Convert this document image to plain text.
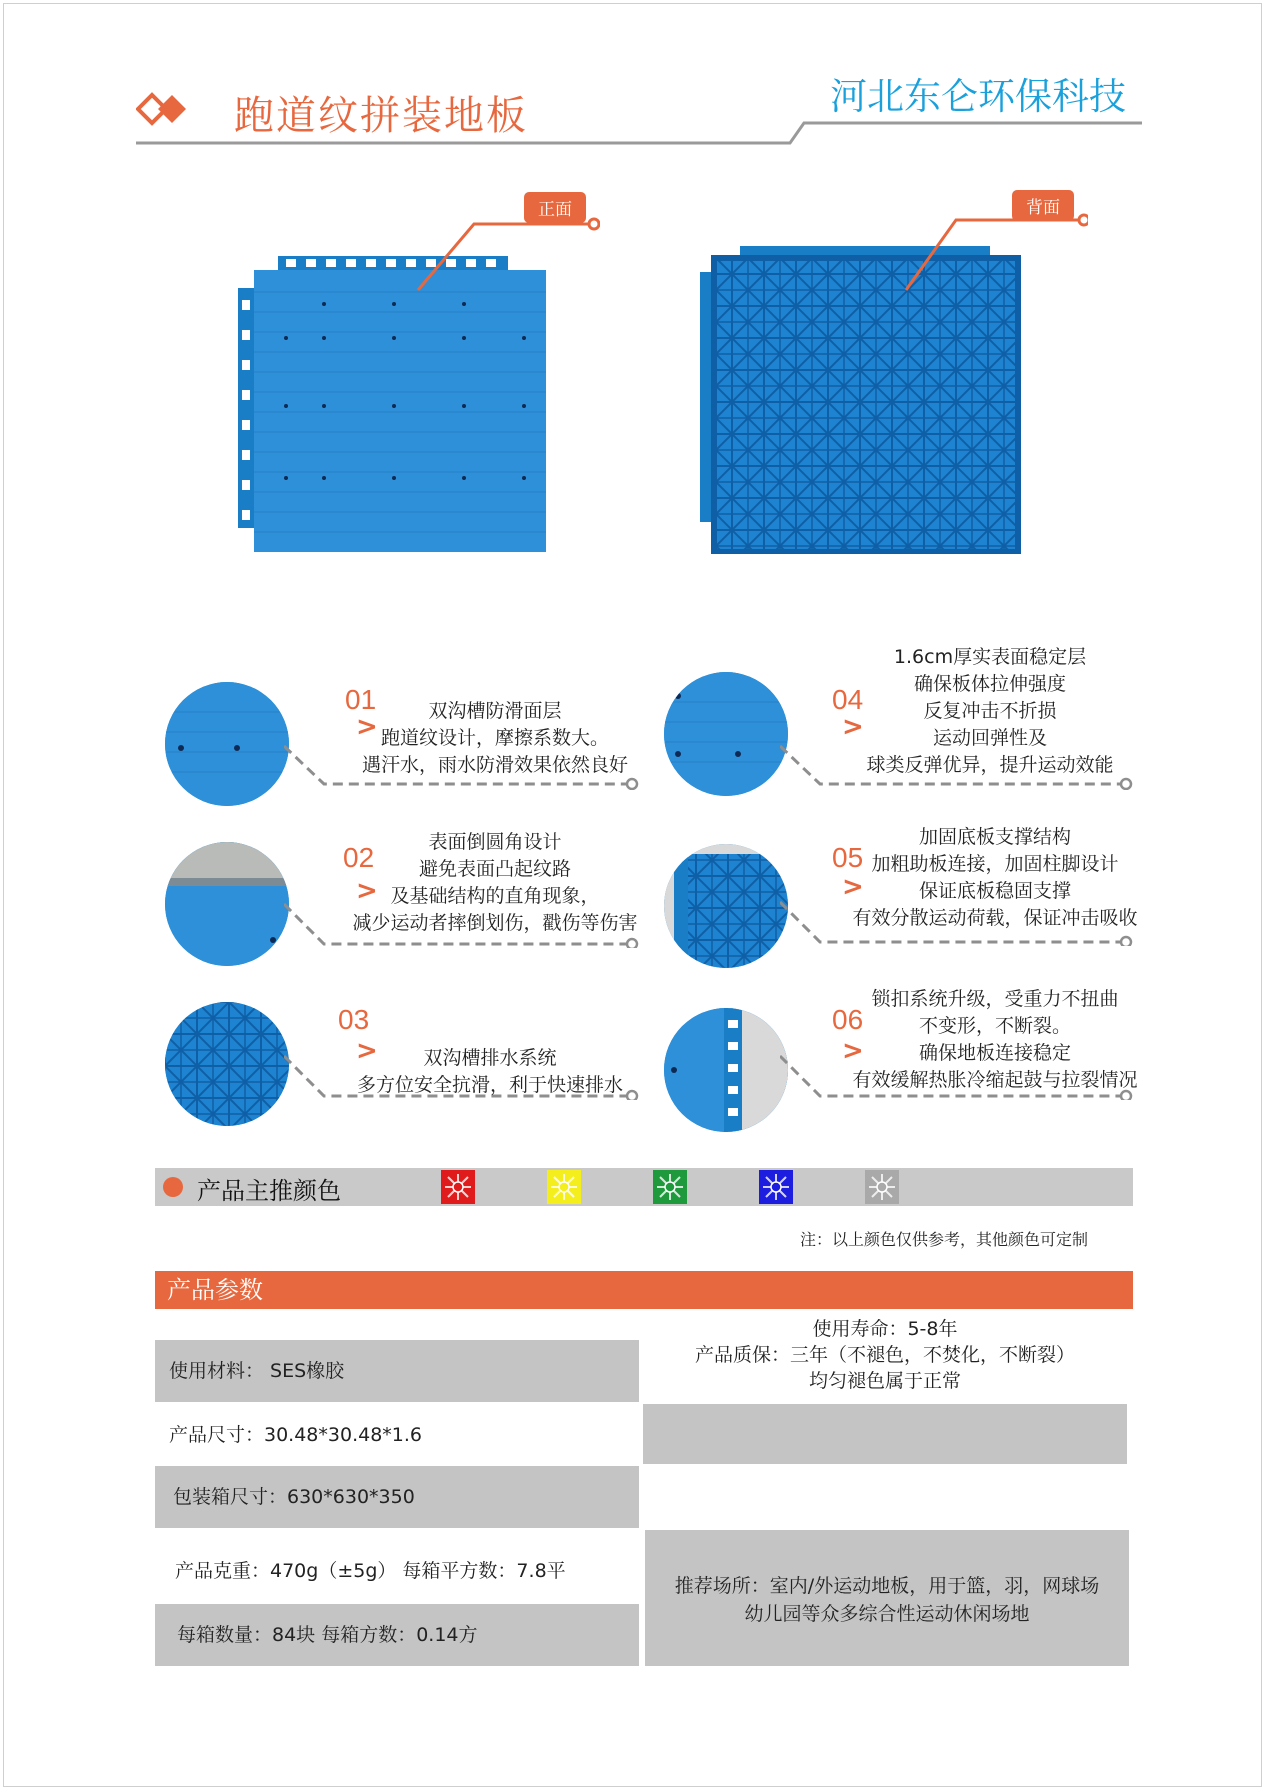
跑道纹拼装地板	河北东仑环保科技
正面	背面
01
>
双沟槽防滑面层
跑道纹设计，摩擦系数大。
遇汗水，雨水防滑效果依然良好
02
>
表面倒圆角设计
避免表面凸起纹路
及基础结构的直角现象，
减少运动者摔倒划伤，戳伤等伤害
03
>	双沟槽排水系统
多方位安全抗滑，利于快速排水
04
>
1.6cm厚实表面稳定层
确保板体拉伸强度
反复冲击不折损
运动回弹性及
球类反弹优异，提升运动效能
05
>
加固底板支撑结构
加粗助板连接，加固柱脚设计
保证底板稳固支撑
有效分散运动荷载，保证冲击吸收
06
>
锁扣系统升级，受重力不扭曲
不变形，不断裂。
确保地板连接稳定
有效缓解热胀冷缩起鼓与拉裂情况
产品主推颜色
注：以上颜色仅供参考，其他颜色可定制
产品参数
使用材料： SES橡胶
产品尺寸：30.48*30.48*1.6
包装箱尺寸：630*630*350
产品克重：470g（±5g） 每箱平方数：7.8平
每箱数量：84块 每箱方数：0.14方
使用寿命：5-8年
产品质保：三年（不褪色，不焚化，不断裂）
均匀褪色属于正常
推荐场所：室内/外运动地板，用于篮，羽，网球场
幼儿园等众多综合性运动休闲场地
